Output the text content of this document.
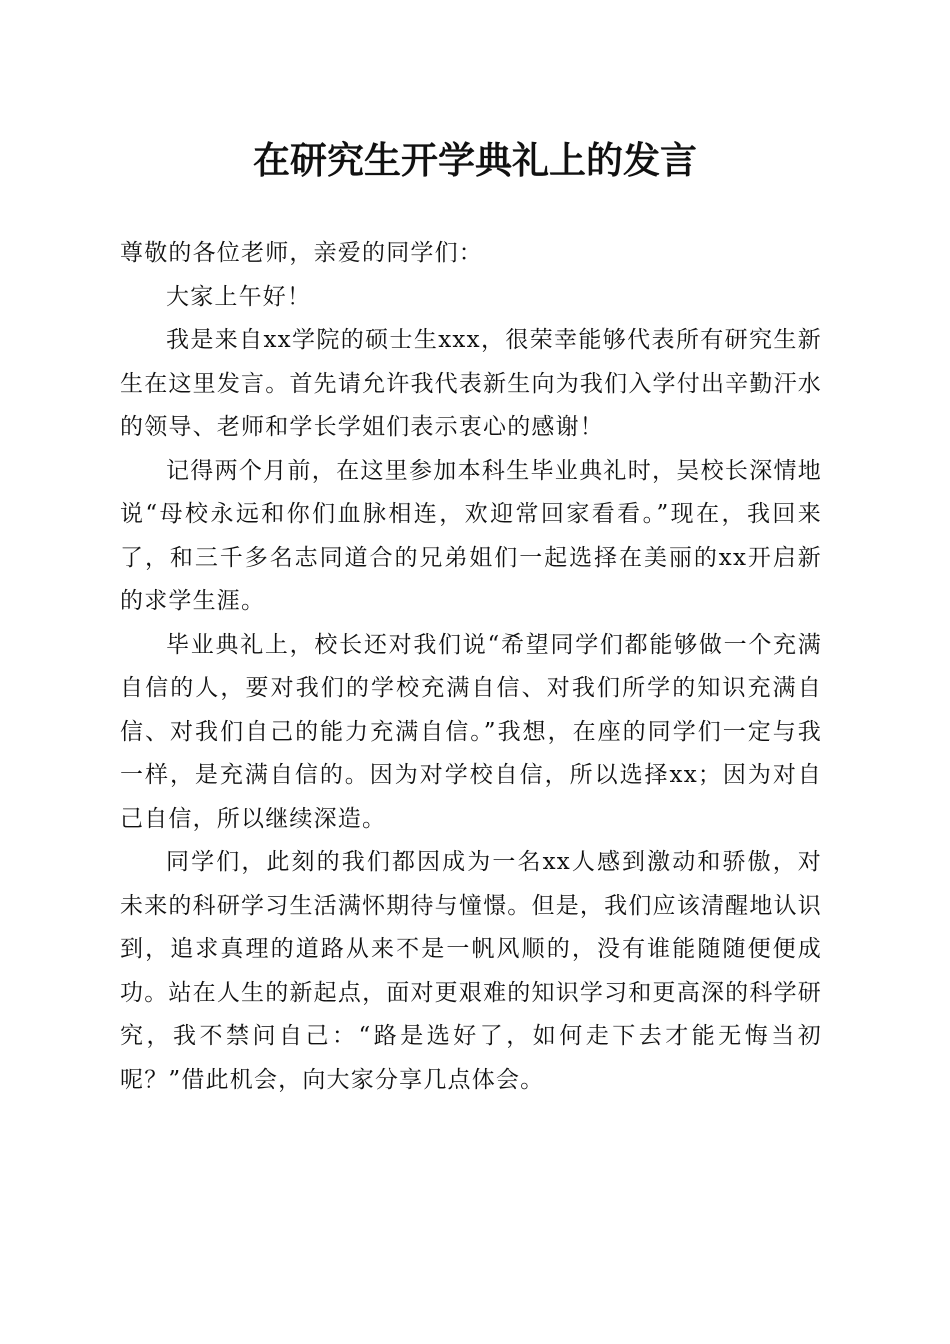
在研究生开学典礼上的发言

尊敬的各位老师，亲爱的同学们：

大家上午好！

我是来自xx学院的硕士生xxx，很荣幸能够代表所有研究生新生在这里发言。首先请允许我代表新生向为我们入学付出辛勤汗水的领导、老师和学长学姐们表示衷心的感谢！

记得两个月前，在这里参加本科生毕业典礼时，吴校长深情地说“母校永远和你们血脉相连，欢迎常回家看看。”现在，我回来了，和三千多名志同道合的兄弟姐们一起选择在美丽的xx开启新的求学生涯。

毕业典礼上，校长还对我们说“希望同学们都能够做一个充满自信的人，要对我们的学校充满自信、对我们所学的知识充满自信、对我们自己的能力充满自信。”我想，在座的同学们一定与我一样，是充满自信的。因为对学校自信，所以选择xx；因为对自己自信，所以继续深造。

同学们，此刻的我们都因成为一名xx人感到激动和骄傲，对未来的科研学习生活满怀期待与憧憬。但是，我们应该清醒地认识到，追求真理的道路从来不是一帆风顺的，没有谁能随随便便成功。站在人生的新起点，面对更艰难的知识学习和更高深的科学研究，我不禁问自己：“路是选好了，如何走下去才能无悔当初呢？”借此机会，向大家分享几点体会。
